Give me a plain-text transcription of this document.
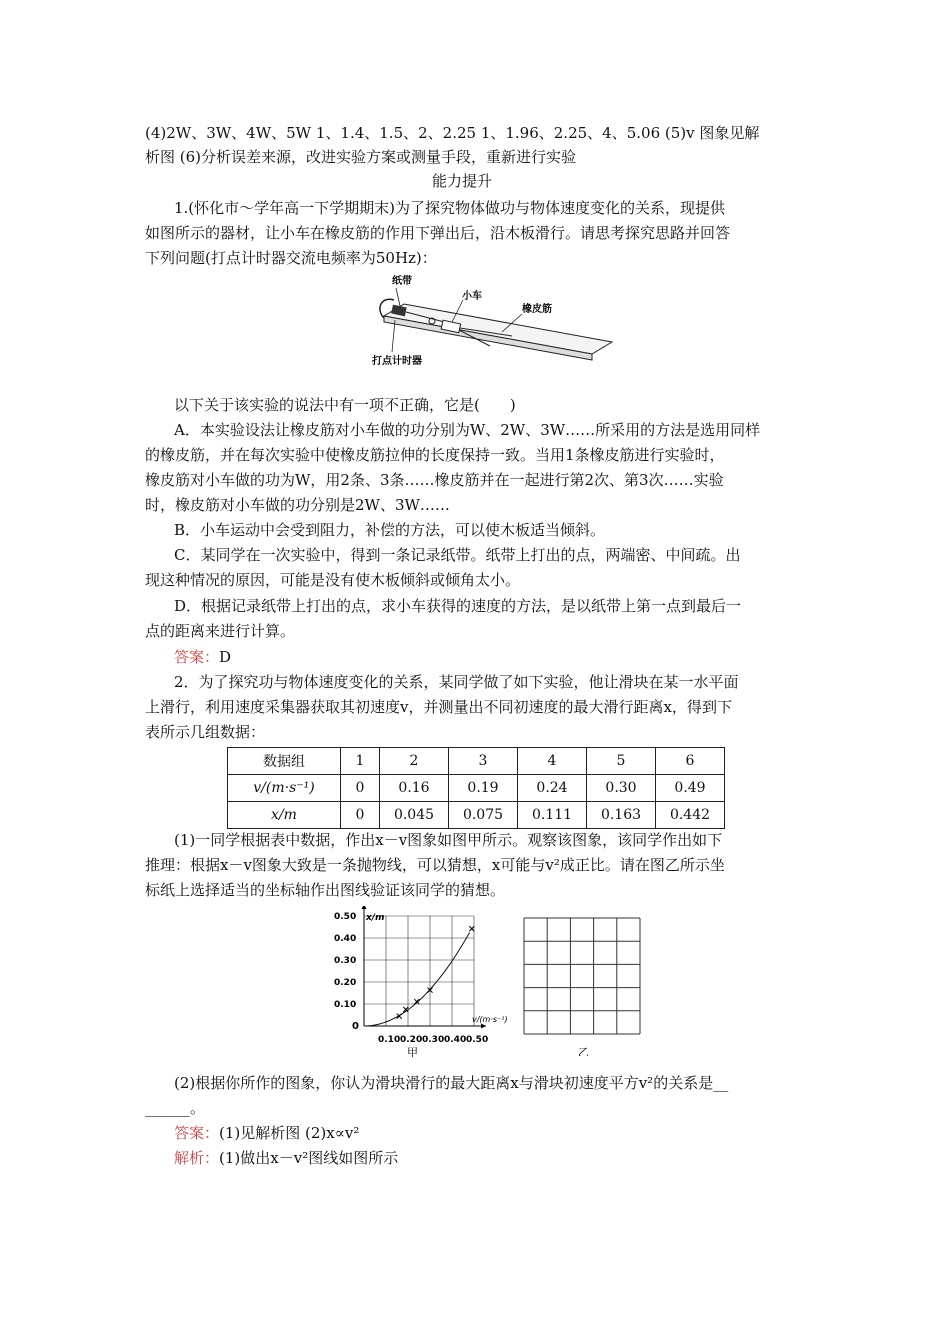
(4)2W、3W、4W、5W 1、1.4、1.5、2、2.25 1、1.96、2.25、4、5.06 (5)v 图象见解
析图 (6)分析误差来源，改进实验方案或测量手段，重新进行实验
能力提升
1.(怀化市～学年高一下学期期末)为了探究物体做功与物体速度变化的关系，现提供
如图所示的器材，让小车在橡皮筋的作用下弹出后，沿木板滑行。请思考探究思路并回答
下列问题(打点计时器交流电频率为50Hz)：
纸带
小车
橡皮筋
打点计时器
以下关于该实验的说法中有一项不正确，它是(　　)
A．本实验设法让橡皮筋对小车做的功分别为W、2W、3W……所采用的方法是选用同样
的橡皮筋，并在每次实验中使橡皮筋拉伸的长度保持一致。当用1条橡皮筋进行实验时，
橡皮筋对小车做的功为W，用2条、3条……橡皮筋并在一起进行第2次、第3次……实验
时，橡皮筋对小车做的功分别是2W、3W……
B．小车运动中会受到阻力，补偿的方法，可以使木板适当倾斜。
C．某同学在一次实验中，得到一条记录纸带。纸带上打出的点，两端密、中间疏。出
现这种情况的原因，可能是没有使木板倾斜或倾角太小。
D．根据记录纸带上打出的点，求小车获得的速度的方法，是以纸带上第一点到最后一
点的距离来进行计算。
答案：D
2．为了探究功与物体速度变化的关系，某同学做了如下实验，他让滑块在某一水平面
上滑行，利用速度采集器获取其初速度v，并测量出不同初速度的最大滑行距离x，得到下
表所示几组数据：
数据组	1	2	3	4	5	6
v/(m·s⁻¹)	0	0.16	0.19	0.24	0.30	0.49
x/m	0	0.045	0.075	0.111	0.163	0.442
(1)一同学根据表中数据，作出x－v图象如图甲所示。观察该图象，该同学作出如下
推理：根据x－v图象大致是一条抛物线，可以猜想，x可能与v²成正比。请在图乙所示坐
标纸上选择适当的坐标轴作出图线验证该同学的猜想。
0.10 0.20 0.30 0.40 0.50
0.10
0.20
0.30
0.40
0.50 x/m
v/(m·s⁻¹)
0
甲	乙
(2)根据你所作的图象，你认为滑块滑行的最大距离x与滑块初速度平方v²的关系是__
______。
答案：(1)见解析图 (2)x∝v²
解析：(1)做出x－v²图线如图所示
